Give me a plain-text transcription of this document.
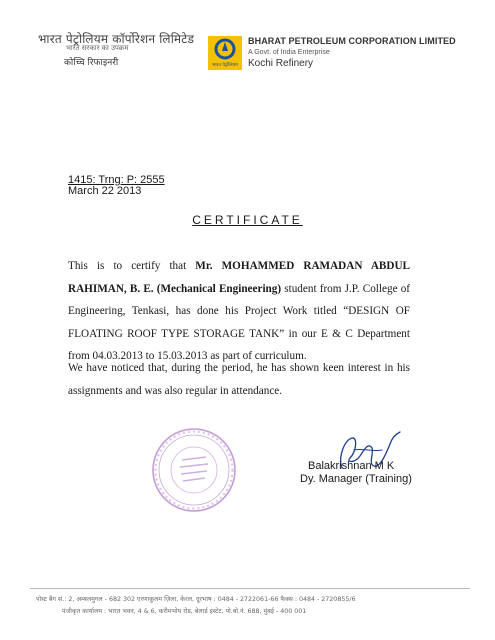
भारत पेट्रोलियम कॉर्पोरेशन लिमिटेड
भारत सरकार का उपक्रम
कोच्चि रिफाइनरी	भारत पेट्रोलियम
BHARAT PETROLEUM CORPORATION LIMITED
A Govt. of India Enterprise
Kochi Refinery
1415: Trng: P: 2555
March 22 2013
CERTIFICATE
This is to certify that Mr. MOHAMMED RAMADAN ABDUL RAHIMAN, B. E. (Mechanical Engineering) student from J.P. College of Engineering, Tenkasi, has done his Project Work titled “DESIGN OF FLOATING ROOF TYPE STORAGE TANK” in our E & C Department from 04.03.2013 to 15.03.2013 as part of curriculum.
We have noticed that, during the period, he has shown keen interest in his assignments and was also regular in attendance.
Balakrishnan M K
Dy. Manager (Training)
पोस्ट बैग सं.: 2, अम्बलमुगल - 682 302 एरणाकुलम ज़िला, केरल, दूरभाष : 0484 - 2722061-66 फैक्स : 0484 - 2720855/6
पंजीकृत कार्यालय : भारत भवन, 4 & 6, करीमभोय रोड, बेलार्ड इस्टेट, पो.बो.नं. 688, मुंबई - 400 001
